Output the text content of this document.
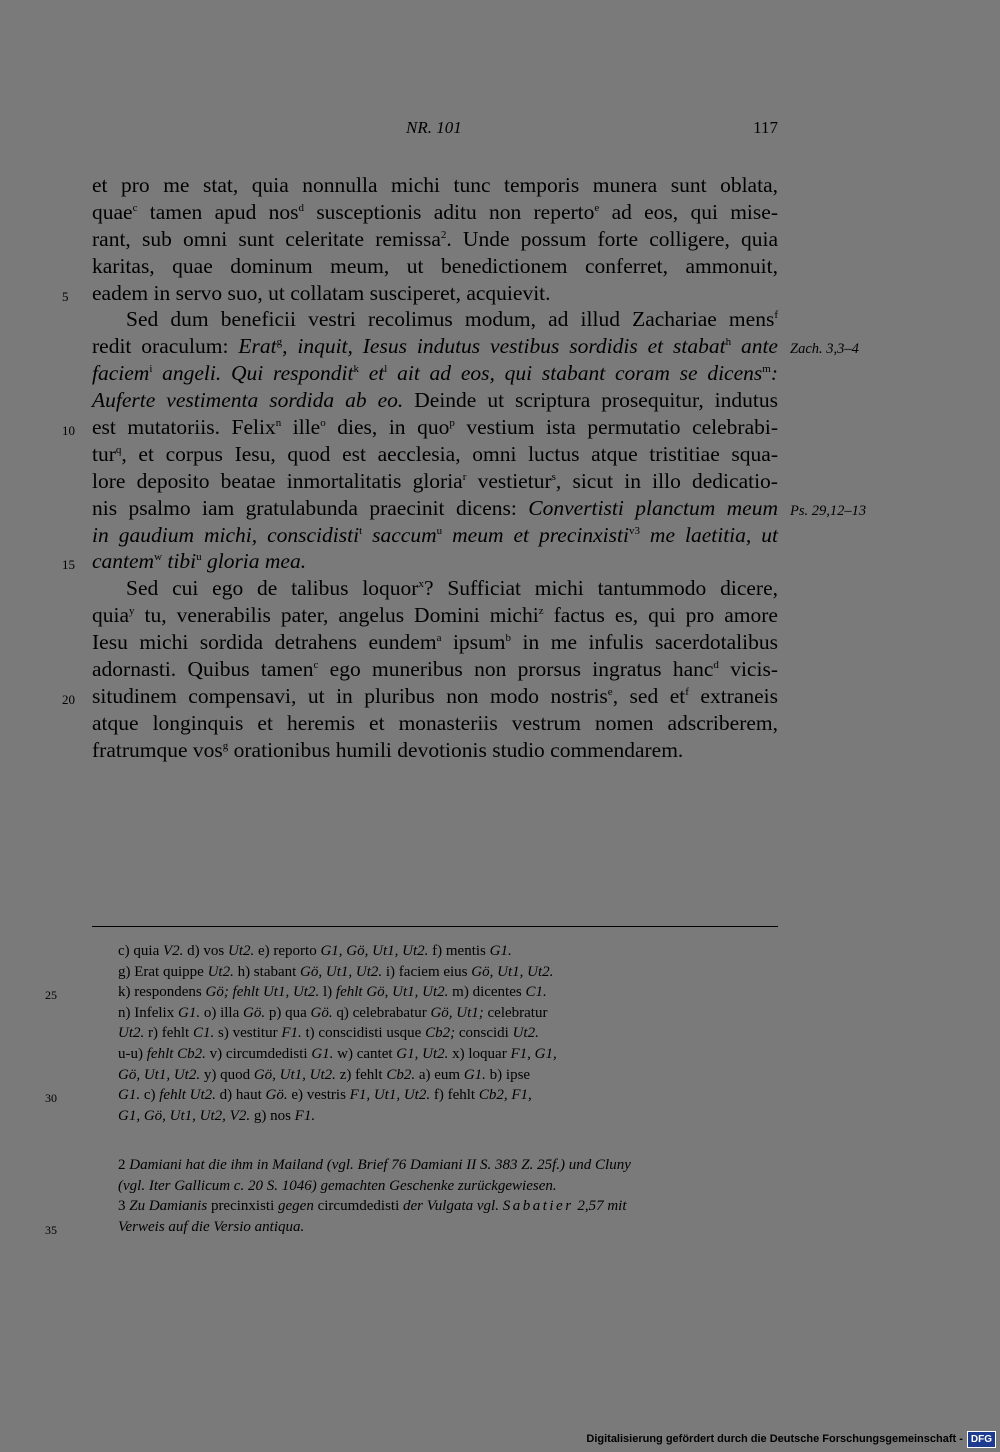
NR. 101	117
et pro me stat, quia nonnulla michi tunc temporis munera sunt oblata,
quae$^c$ tamen apud nos$^d$ susceptionis aditu non reperto$^e$ ad eos, qui mise-
rant, sub omni sunt celeritate remissa$^2$. Unde possum forte colligere, quia
karitas, quae dominum meum, ut benedictionem conferret, ammonuit,
5	eadem in servo suo, ut collatam susciperet, acquievit.
Sed dum beneficii vestri recolimus modum, ad illud Zachariae mens$^f$
redit oraculum: Erat$^g$, inquit, Iesus indutus vestibus sordidis et stabat$^h$ ante Zach. 3,3–4
faciem$^i$ angeli. Qui respondit$^k$ $et^l$ ait ad eos, qui stabant coram se dicens$^m$:
Auferte vestimenta sordida ab eo. Deinde ut scriptura prosequitur, indutus
10 est mutatoriis. Felix$^n$ ille$^o$ dies, in quo$^p$ vestium ista permutatio celebrabi-
tur$^q$, et corpus Iesu, quod est aecclesia, omni luctus atque tristitiae squa-
lore deposito beatae inmortalitatis gloria$^r$ vestietur$^s$, sicut in illo dedicatio-
nis psalmo iam gratulabunda praecinit dicens: Convertisti planctum meum Ps. 29,12–13
in gaudium michi, conscidisti$^t$ saccum$^u$ meum et precinxisti$^{v3}$ me laetitia, ut
15 cantem$^w$ tibi$^u$ gloria mea.
Sed cui ego de talibus loquor$^x$? Sufficiat michi tantummodo dicere,
quia$^y$ tu, venerabilis pater, angelus Domini michi$^z$ factus es, qui pro amore
Iesu michi sordida detrahens eundem$^a$ ipsum$^b$ in me infulis sacerdotalibus
adornasti. Quibus tamen$^c$ ego muneribus non prorsus ingratus hanc$^d$ vicis-
20 situdinem compensavi, ut in pluribus non modo nostris$^e$, sed $et^f$ extraneis
atque longinquis et heremis et monasteriis vestrum nomen adscriberem,
fratrumque vos$^g$ orationibus humili devotionis studio commendarem.
c) quia V2. d) vos Ut2. e) reporto G1, Gö, Ut1, Ut2. f) mentis G1.
g) Erat quippe Ut2. h) stabant Gö, Ut1, Ut2. i) faciem eius Gö, Ut1, Ut2.
25	k) respondens Gö; fehlt Ut1, Ut2. l) fehlt Gö, Ut1, Ut2. m) dicentes C1.
n) Infelix G1. o) illa Gö. p) qua Gö. q) celebrabatur Gö, Ut1; celebratur
Ut2. r) fehlt C1. s) vestitur F1. t) conscidisti usque Cb2; conscidi Ut2.
u-u) fehlt Cb2. v) circumdedisti G1. w) cantet G1, Ut2. x) loquar F1, G1,
Gö, Ut1, Ut2. y) quod Gö, Ut1, Ut2. z) fehlt Cb2. a) eum G1. b) ipse
30	G1. c) fehlt Ut2. d) haut Gö. e) vestris F1, Ut1, Ut2. f) fehlt Cb2, F1,
G1, Gö, Ut1, Ut2, V2. g) nos F1.
2 Damiani hat die ihm in Mailand (vgl. Brief 76 Damiani II S. 383 Z. 25f.) und Cluny
(vgl. Iter Gallicum c. 20 S. 1046) gemachten Geschenke zurückgewiesen.
3 Zu Damianis precinxisti gegen circumdedisti der Vulgata vgl. Sabatier 2,57 mit
35	Verweis auf die Versio antiqua.
Digitalisierung gefördert durch die Deutsche Forschungsgemeinschaft - DFG
